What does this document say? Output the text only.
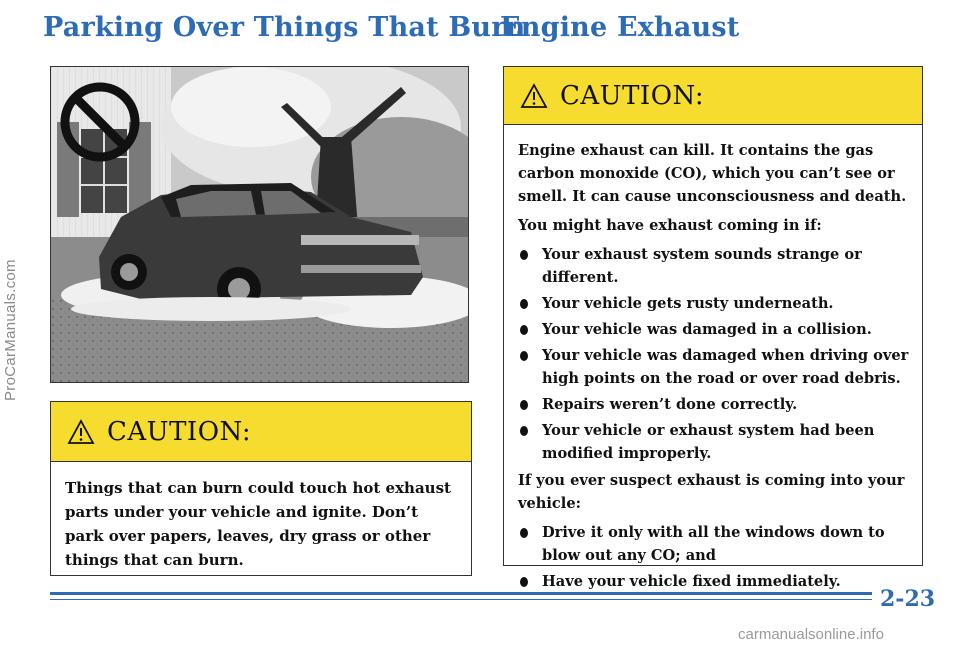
ProCarManuals.com
Parking Over Things That Burn
Engine Exhaust
CAUTION:

Things that can burn could touch hot exhaust parts under your vehicle and ignite. Don’t park over papers, leaves, dry grass or other things that can burn.

CAUTION:

Engine exhaust can kill. It contains the gas carbon monoxide (CO), which you can’t see or smell. It can cause unconsciousness and death.

You might have exhaust coming in if:

Your exhaust system sounds strange or different.
Your vehicle gets rusty underneath.
Your vehicle was damaged in a collision.
Your vehicle was damaged when driving over high points on the road or over road debris.
Repairs weren’t done correctly.
Your vehicle or exhaust system had been modified improperly.

If you ever suspect exhaust is coming into your vehicle:

Drive it only with all the windows down to blow out any CO; and
Have your vehicle fixed immediately.
2-23
carmanualsonline.info
